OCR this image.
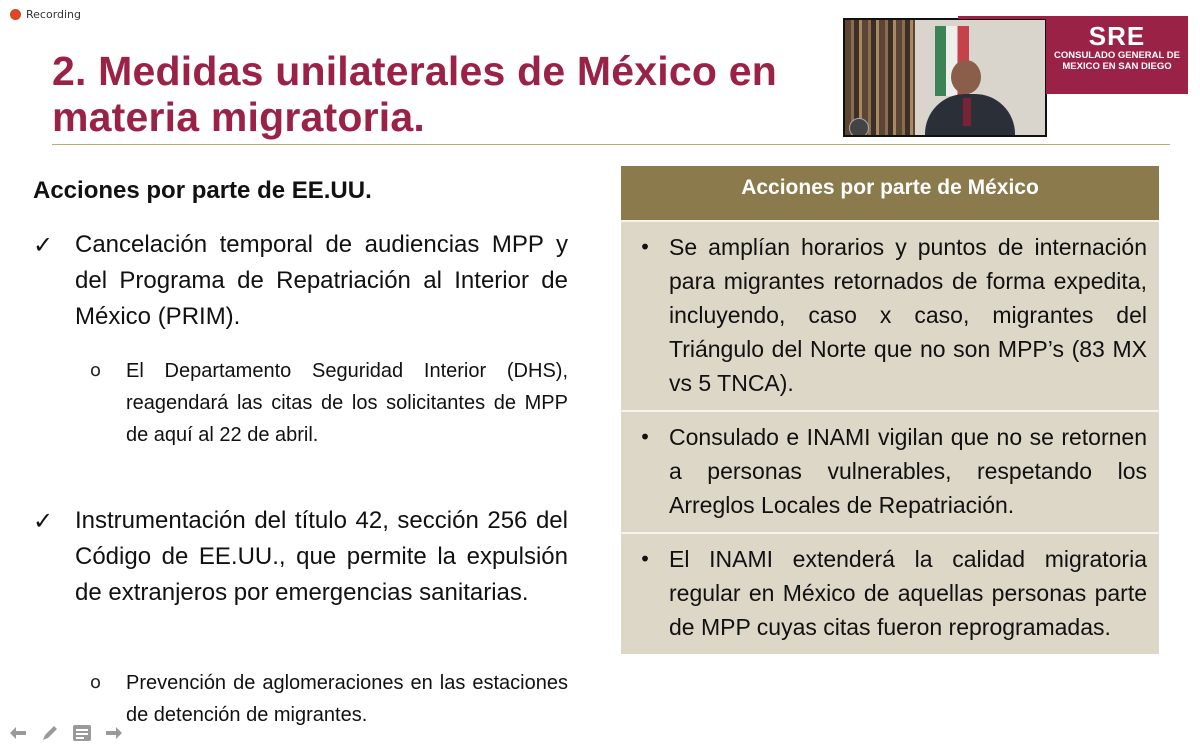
Recording
2. Medidas unilaterales de México en materia migratoria.
SRE
CONSULADO GENERAL DE MEXICO EN SAN DIEGO
Acciones por parte de EE.UU.
✓ Cancelación temporal de audiencias MPP y del Programa de Repatriación al Interior de México (PRIM).
o	El Departamento Seguridad Interior (DHS), reagendará las citas de los solicitantes de MPP de aquí al 22 de abril.
✓ Instrumentación del título 42, sección 256 del Código de EE.UU., que permite la expulsión de extranjeros por emergencias sanitarias.
o	Prevención de aglomeraciones en las estaciones de detención de migrantes.
Acciones por parte de México
• Se amplían horarios y puntos de internación para migrantes retornados de forma expedita, incluyendo, caso x caso, migrantes del Triángulo del Norte que no son MPP’s (83 MX vs 5 TNCA).
• Consulado e INAMI vigilan que no se retornen a personas vulnerables, respetando los Arreglos Locales de Repatriación.
• El INAMI extenderá la calidad migratoria regular en México de aquellas personas parte de MPP cuyas citas fueron reprogramadas.
